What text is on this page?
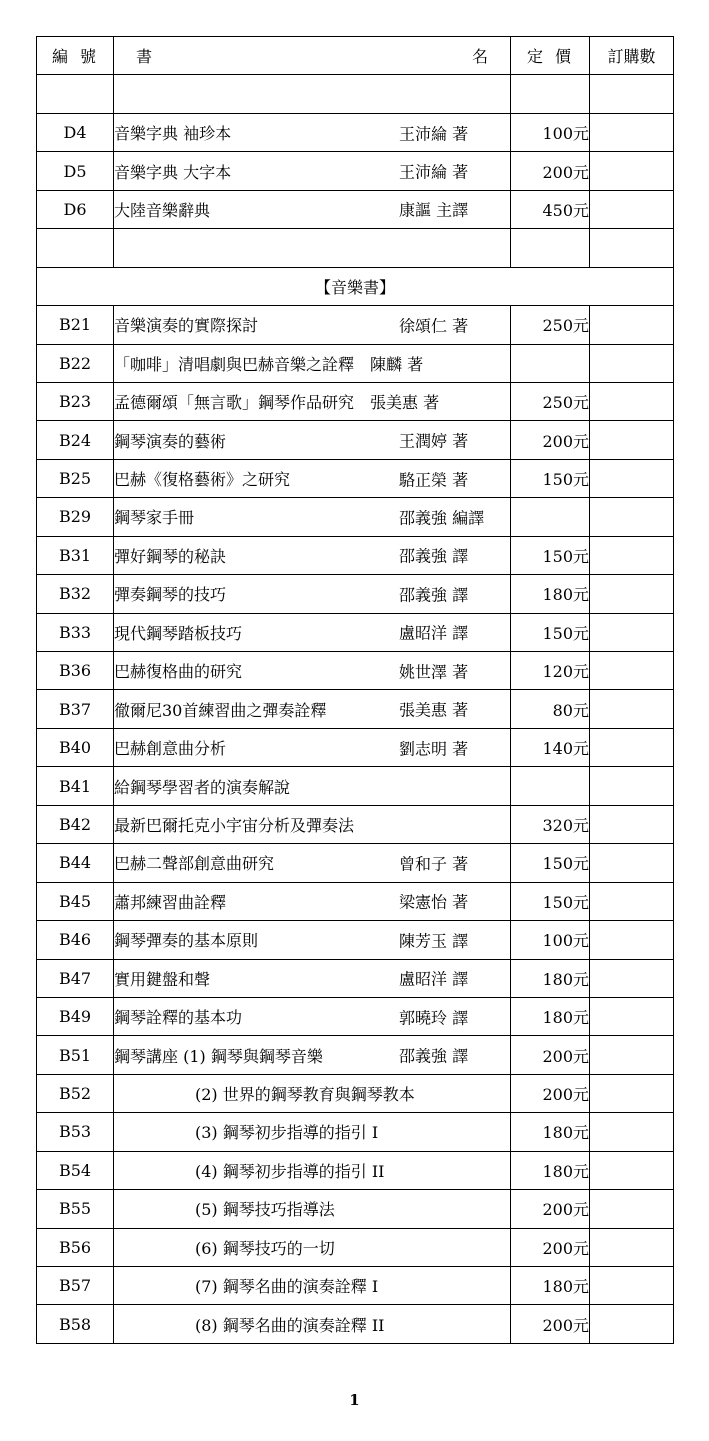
編號	書 名	定價	訂購數

D4	音樂字典 袖珍本 王沛綸 著	100元	
D5	音樂字典 大字本 王沛綸 著	200元	
D6	大陸音樂辭典 康謳 主譯	450元	

【音樂書】			
B21	音樂演奏的實際探討 徐頌仁 著	250元	
B22	「咖啡」清唱劇與巴赫音樂之詮釋　陳麟 著

B23	孟德爾頌「無言歌」鋼琴作品研究　張美惠 著	250元	
B24	鋼琴演奏的藝術 王潤婷 著	200元	
B25	巴赫《復格藝術》之研究 駱正榮 著	150元	
B29	鋼琴家手冊 邵義強 編譯		

B31	彈好鋼琴的秘訣 邵義強 譯	150元	
B32	彈奏鋼琴的技巧 邵義強 譯	180元	
B33	現代鋼琴踏板技巧 盧昭洋 譯	150元	
B36	巴赫復格曲的研究 姚世澤 著	120元	
B37	徹爾尼30首練習曲之彈奏詮釋 張美惠 著	80元	
B40	巴赫創意曲分析 劉志明 著	140元	
B41	給鋼琴學習者的演奏解說

B42	最新巴爾托克小宇宙分析及彈奏法	320元	
B44	巴赫二聲部創意曲研究 曾和子 著	150元	
B45	蕭邦練習曲詮釋 梁憲怡 著	150元	
B46	鋼琴彈奏的基本原則 陳芳玉 譯	100元	
B47	實用鍵盤和聲 盧昭洋 譯	180元	
B49	鋼琴詮釋的基本功 郭曉玲 譯	180元	
B51	鋼琴講座 (1) 鋼琴與鋼琴音樂 邵義強 譯	200元	
B52	(2) 世界的鋼琴教育與鋼琴教本	200元	
B53	(3) 鋼琴初步指導的指引 I	180元	
B54	(4) 鋼琴初步指導的指引 II	180元	
B55	(5) 鋼琴技巧指導法	200元	
B56	(6) 鋼琴技巧的一切	200元	
B57	(7) 鋼琴名曲的演奏詮釋 I	180元	
B58	(8) 鋼琴名曲的演奏詮釋 II	200元	
1
